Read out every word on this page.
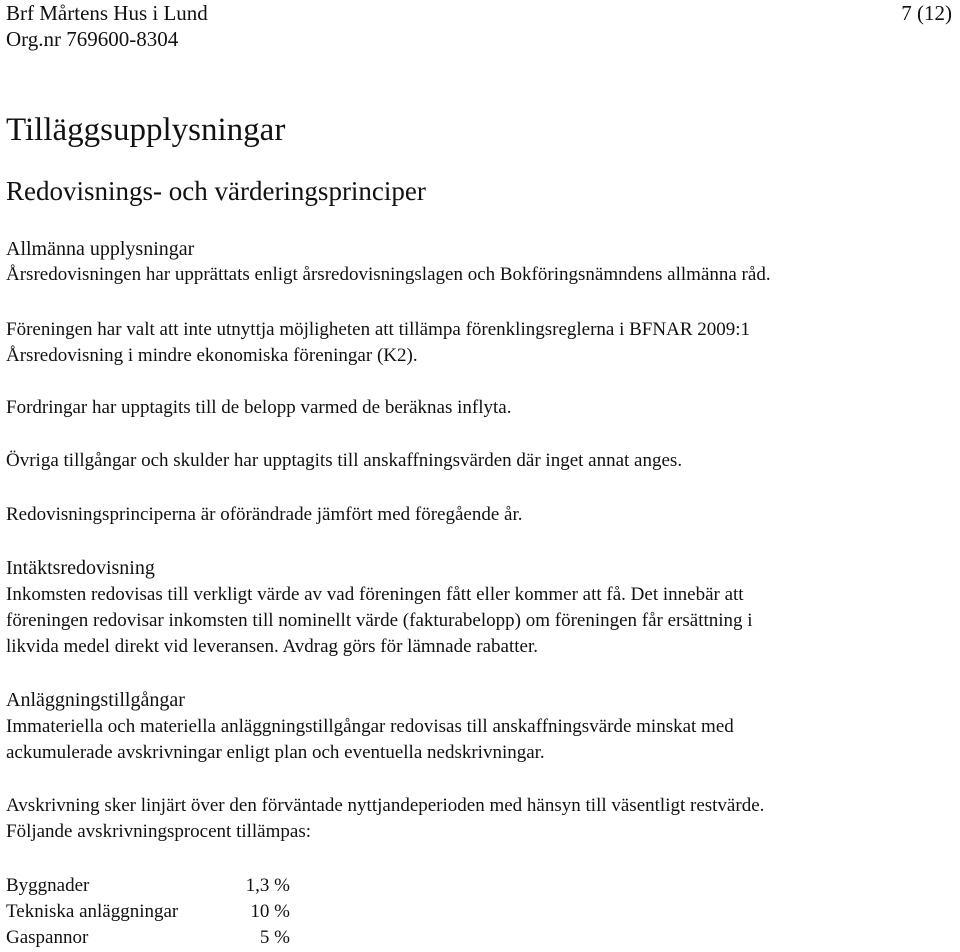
Brf Mårtens Hus i Lund
Org.nr 769600-8304
7 (12)
Tilläggsupplysningar
Redovisnings- och värderingsprinciper
Allmänna upplysningar
Årsredovisningen har upprättats enligt årsredovisningslagen och Bokföringsnämndens allmänna råd.
Föreningen har valt att inte utnyttja möjligheten att tillämpa förenklingsreglerna i BFNAR 2009:1
Årsredovisning i mindre ekonomiska föreningar (K2).
Fordringar har upptagits till de belopp varmed de beräknas inflyta.
Övriga tillgångar och skulder har upptagits till anskaffningsvärden där inget annat anges.
Redovisningsprinciperna är oförändrade jämfört med föregående år.
Intäktsredovisning
Inkomsten redovisas till verkligt värde av vad föreningen fått eller kommer att få. Det innebär att
föreningen redovisar inkomsten till nominellt värde (fakturabelopp) om föreningen får ersättning i
likvida medel direkt vid leveransen. Avdrag görs för lämnade rabatter.
Anläggningstillgångar
Immateriella och materiella anläggningstillgångar redovisas till anskaffningsvärde minskat med
ackumulerade avskrivningar enligt plan och eventuella nedskrivningar.
Avskrivning sker linjärt över den förväntade nyttjandeperioden med hänsyn till väsentligt restvärde.
Följande avskrivningsprocent tillämpas:
Byggnader	1,3 %
Tekniska anläggningar	10 %
Gaspannor	5 %
